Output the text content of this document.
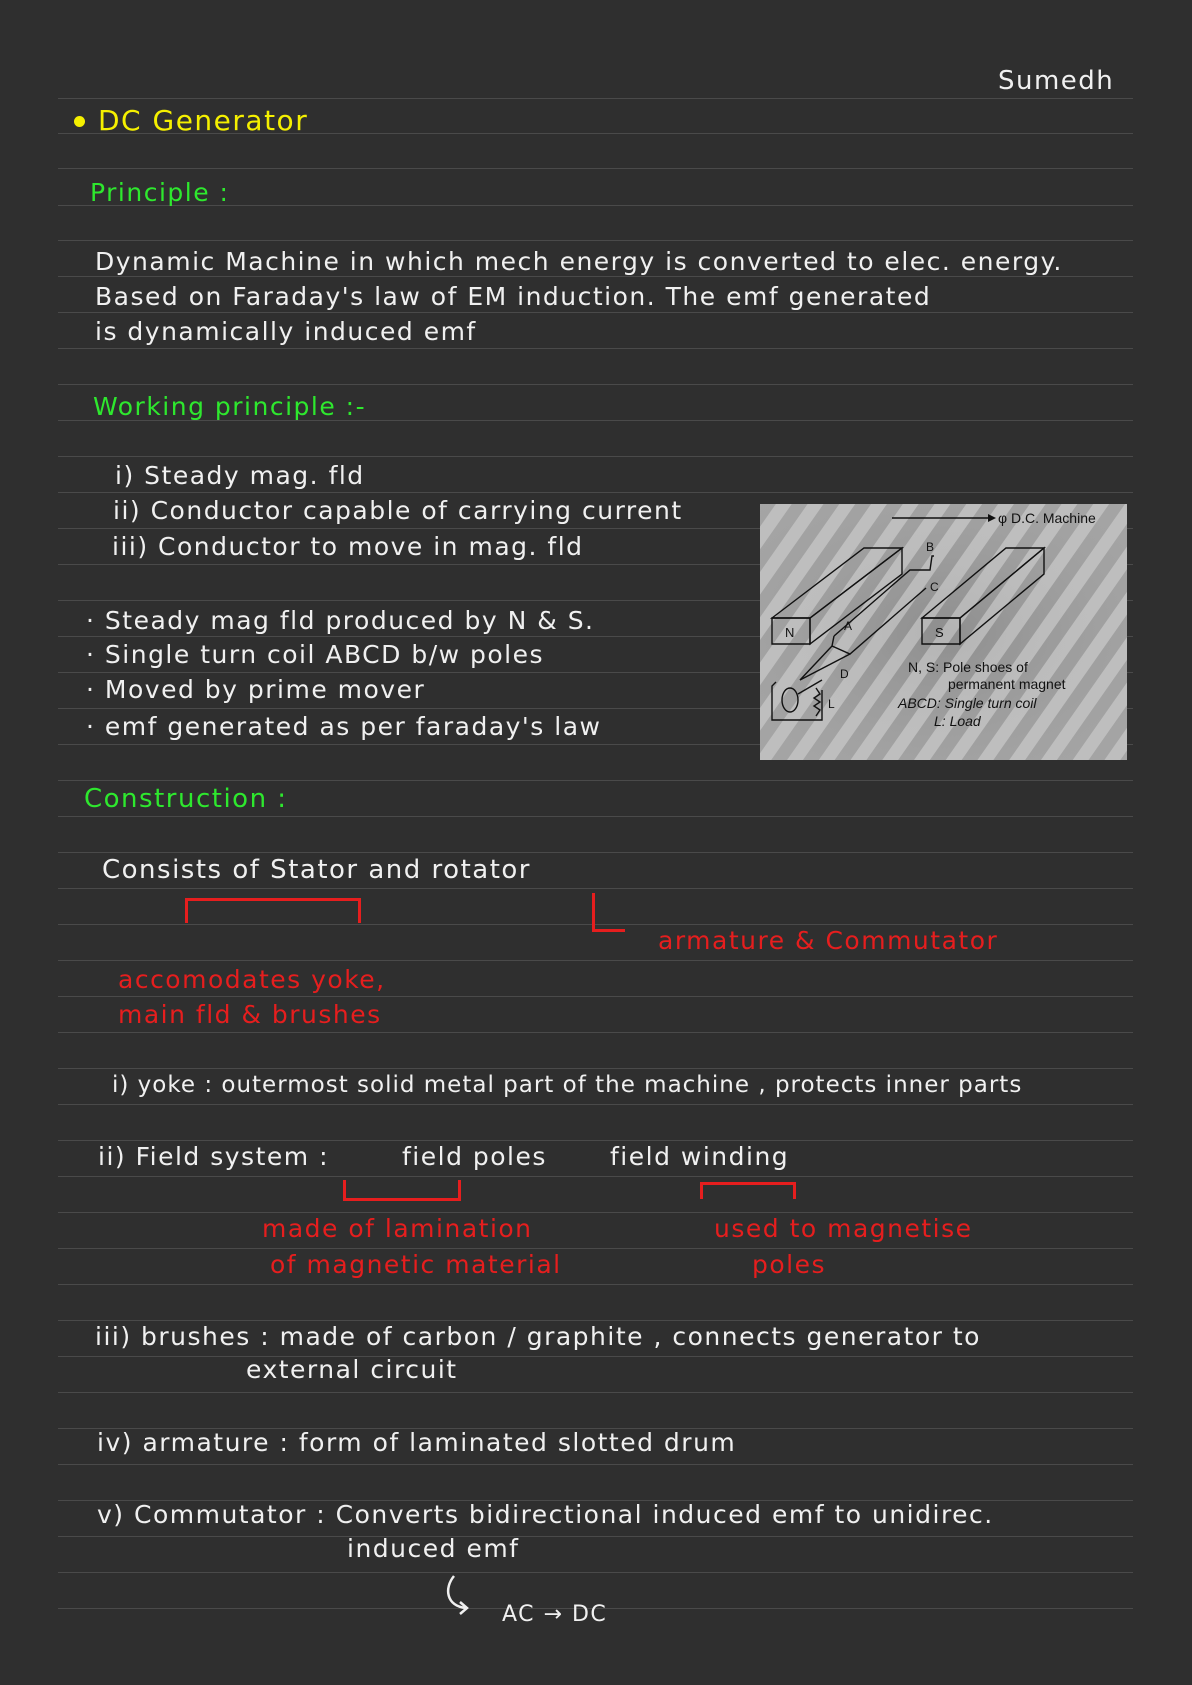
Sumedh
DC Generator
Principle :
Dynamic Machine in which mech energy is converted to elec. energy.
Based on Faraday's law of EM induction. The emf generated
is dynamically induced emf
Working principle :-
i) Steady mag. fld
ii) Conductor capable of carrying current
iii) Conductor to move in mag. fld
· Steady mag fld produced by N & S.
· Single turn coil ABCD b/w poles
· Moved by prime mover
· emf generated as per faraday's law
φ D.C. Machine
N	S
A
B
C
D
L
N, S: Pole shoes of
permanent magnet
ABCD: Single turn coil
L: Load
Construction :
Consists of Stator and rotator
armature & Commutator
accomodates yoke,
main fld & brushes
i) yoke : outermost solid metal part of the machine , protects inner parts
ii) Field system :	field poles	field winding
made of lamination
of magnetic material
used to magnetise
poles
iii) brushes : made of carbon / graphite , connects generator to
external circuit
iv) armature : form of laminated slotted drum
v) Commutator : Converts bidirectional induced emf to unidirec.
induced emf
AC → DC
